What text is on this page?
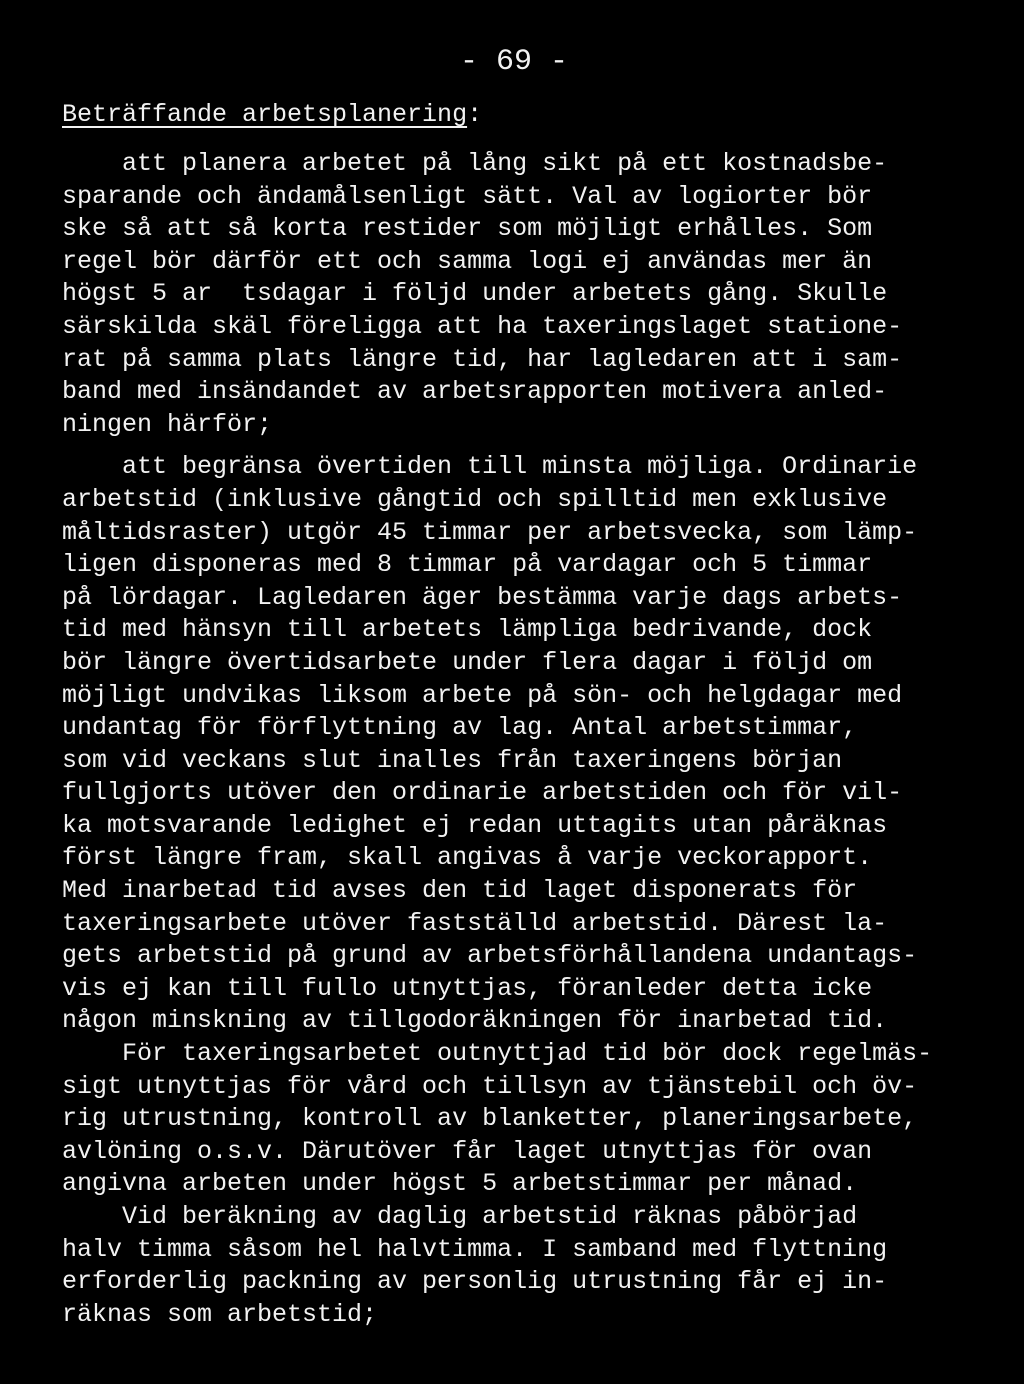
- 69 -
Beträffande arbetsplanering:
att planera arbetet på lång sikt på ett kostnadsbe-
sparande och ändamålsenligt sätt. Val av logiorter bör
ske så att så korta restider som möjligt erhålles. Som
regel bör därför ett och samma logi ej användas mer än
högst 5 ar  tsdagar i följd under arbetets gång. Skulle
särskilda skäl föreligga att ha taxeringslaget statione-
rat på samma plats längre tid, har lagledaren att i sam-
band med insändandet av arbetsrapporten motivera anled-
ningen härför;
att begränsa övertiden till minsta möjliga. Ordinarie
arbetstid (inklusive gångtid och spilltid men exklusive
måltidsraster) utgör 45 timmar per arbetsvecka, som lämp-
ligen disponeras med 8 timmar på vardagar och 5 timmar
på lördagar. Lagledaren äger bestämma varje dags arbets-
tid med hänsyn till arbetets lämpliga bedrivande, dock
bör längre övertidsarbete under flera dagar i följd om
möjligt undvikas liksom arbete på sön- och helgdagar med
undantag för förflyttning av lag. Antal arbetstimmar,
som vid veckans slut inalles från taxeringens början
fullgjorts utöver den ordinarie arbetstiden och för vil-
ka motsvarande ledighet ej redan uttagits utan påräknas
först längre fram, skall angivas å varje veckorapport.
Med inarbetad tid avses den tid laget disponerats för
taxeringsarbete utöver fastställd arbetstid. Därest la-
gets arbetstid på grund av arbetsförhållandena undantags-
vis ej kan till fullo utnyttjas, föranleder detta icke
någon minskning av tillgodoräkningen för inarbetad tid.
För taxeringsarbetet outnyttjad tid bör dock regelmäs-
sigt utnyttjas för vård och tillsyn av tjänstebil och öv-
rig utrustning, kontroll av blanketter, planeringsarbete,
avlöning o.s.v. Därutöver får laget utnyttjas för ovan
angivna arbeten under högst 5 arbetstimmar per månad.
Vid beräkning av daglig arbetstid räknas påbörjad
halv timma såsom hel halvtimma. I samband med flyttning
erforderlig packning av personlig utrustning får ej in-
räknas som arbetstid;
